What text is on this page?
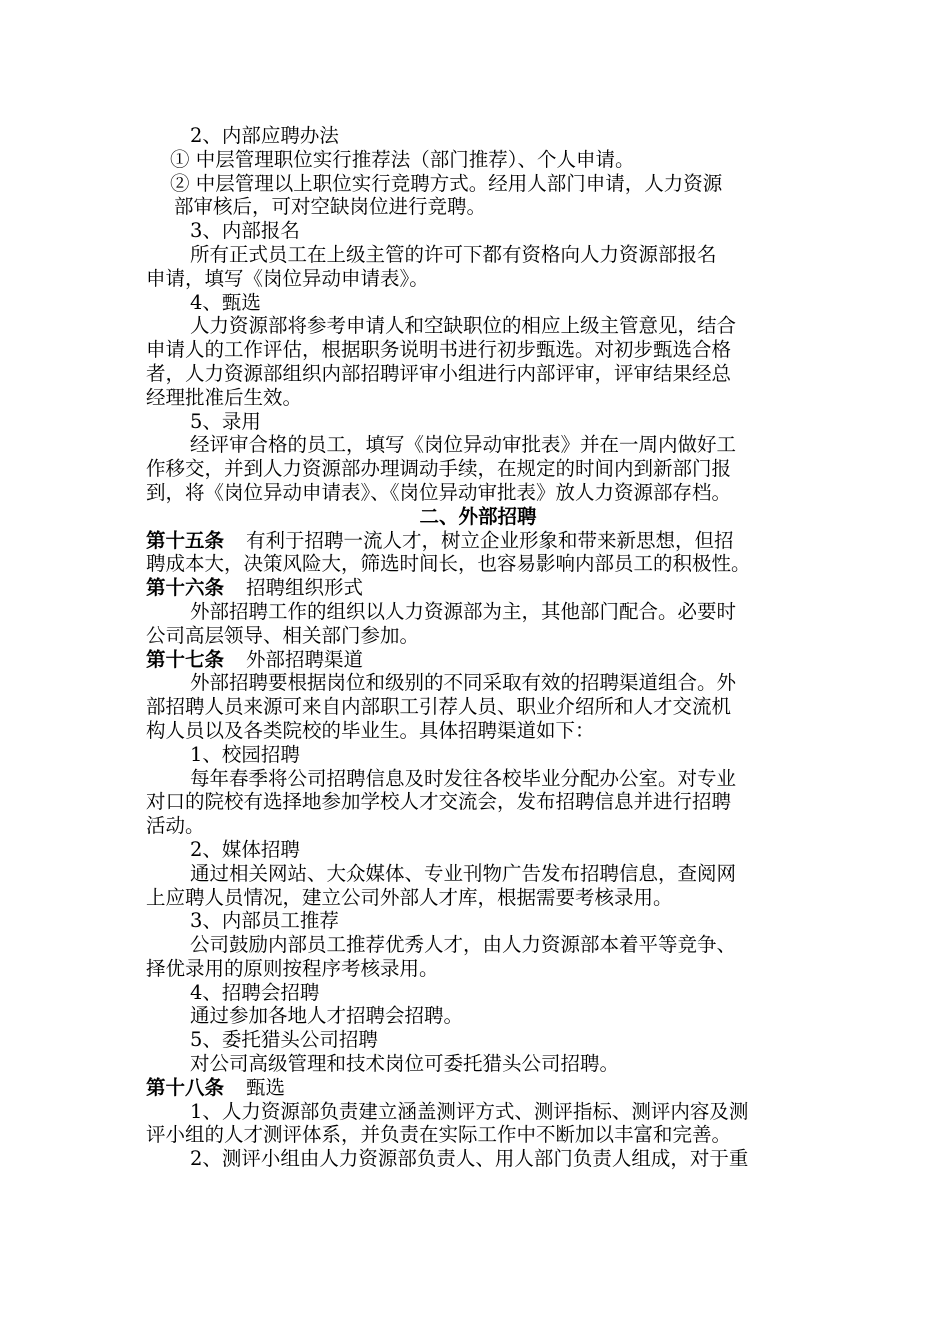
2、内部应聘办法
① 中层管理职位实行推荐法（部门推荐）、个人申请。
② 中层管理以上职位实行竞聘方式。经用人部门申请，人力资源
部审核后，可对空缺岗位进行竞聘。
3、内部报名
所有正式员工在上级主管的许可下都有资格向人力资源部报名
申请，填写《岗位异动申请表》。
4、甄选
人力资源部将参考申请人和空缺职位的相应上级主管意见，结合
申请人的工作评估，根据职务说明书进行初步甄选。对初步甄选合格
者，人力资源部组织内部招聘评审小组进行内部评审，评审结果经总
经理批准后生效。
5、录用
经评审合格的员工，填写《岗位异动审批表》并在一周内做好工
作移交，并到人力资源部办理调动手续，在规定的时间内到新部门报
到，将《岗位异动申请表》、《岗位异动审批表》放人力资源部存档。
二、外部招聘
第十五条 有利于招聘一流人才，树立企业形象和带来新思想，但招
聘成本大，决策风险大，筛选时间长，也容易影响内部员工的积极性。
第十六条 招聘组织形式
外部招聘工作的组织以人力资源部为主，其他部门配合。必要时
公司高层领导、相关部门参加。
第十七条 外部招聘渠道
外部招聘要根据岗位和级别的不同采取有效的招聘渠道组合。外
部招聘人员来源可来自内部职工引荐人员、职业介绍所和人才交流机
构人员以及各类院校的毕业生。具体招聘渠道如下：
1、校园招聘
每年春季将公司招聘信息及时发往各校毕业分配办公室。对专业
对口的院校有选择地参加学校人才交流会，发布招聘信息并进行招聘
活动。
2、媒体招聘
通过相关网站、大众媒体、专业刊物广告发布招聘信息，查阅网
上应聘人员情况，建立公司外部人才库，根据需要考核录用。
3、内部员工推荐
公司鼓励内部员工推荐优秀人才，由人力资源部本着平等竞争、
择优录用的原则按程序考核录用。
4、招聘会招聘
通过参加各地人才招聘会招聘。
5、委托猎头公司招聘
对公司高级管理和技术岗位可委托猎头公司招聘。
第十八条 甄选
1、人力资源部负责建立涵盖测评方式、测评指标、测评内容及测
评小组的人才测评体系，并负责在实际工作中不断加以丰富和完善。
2、测评小组由人力资源部负责人、用人部门负责人组成，对于重
